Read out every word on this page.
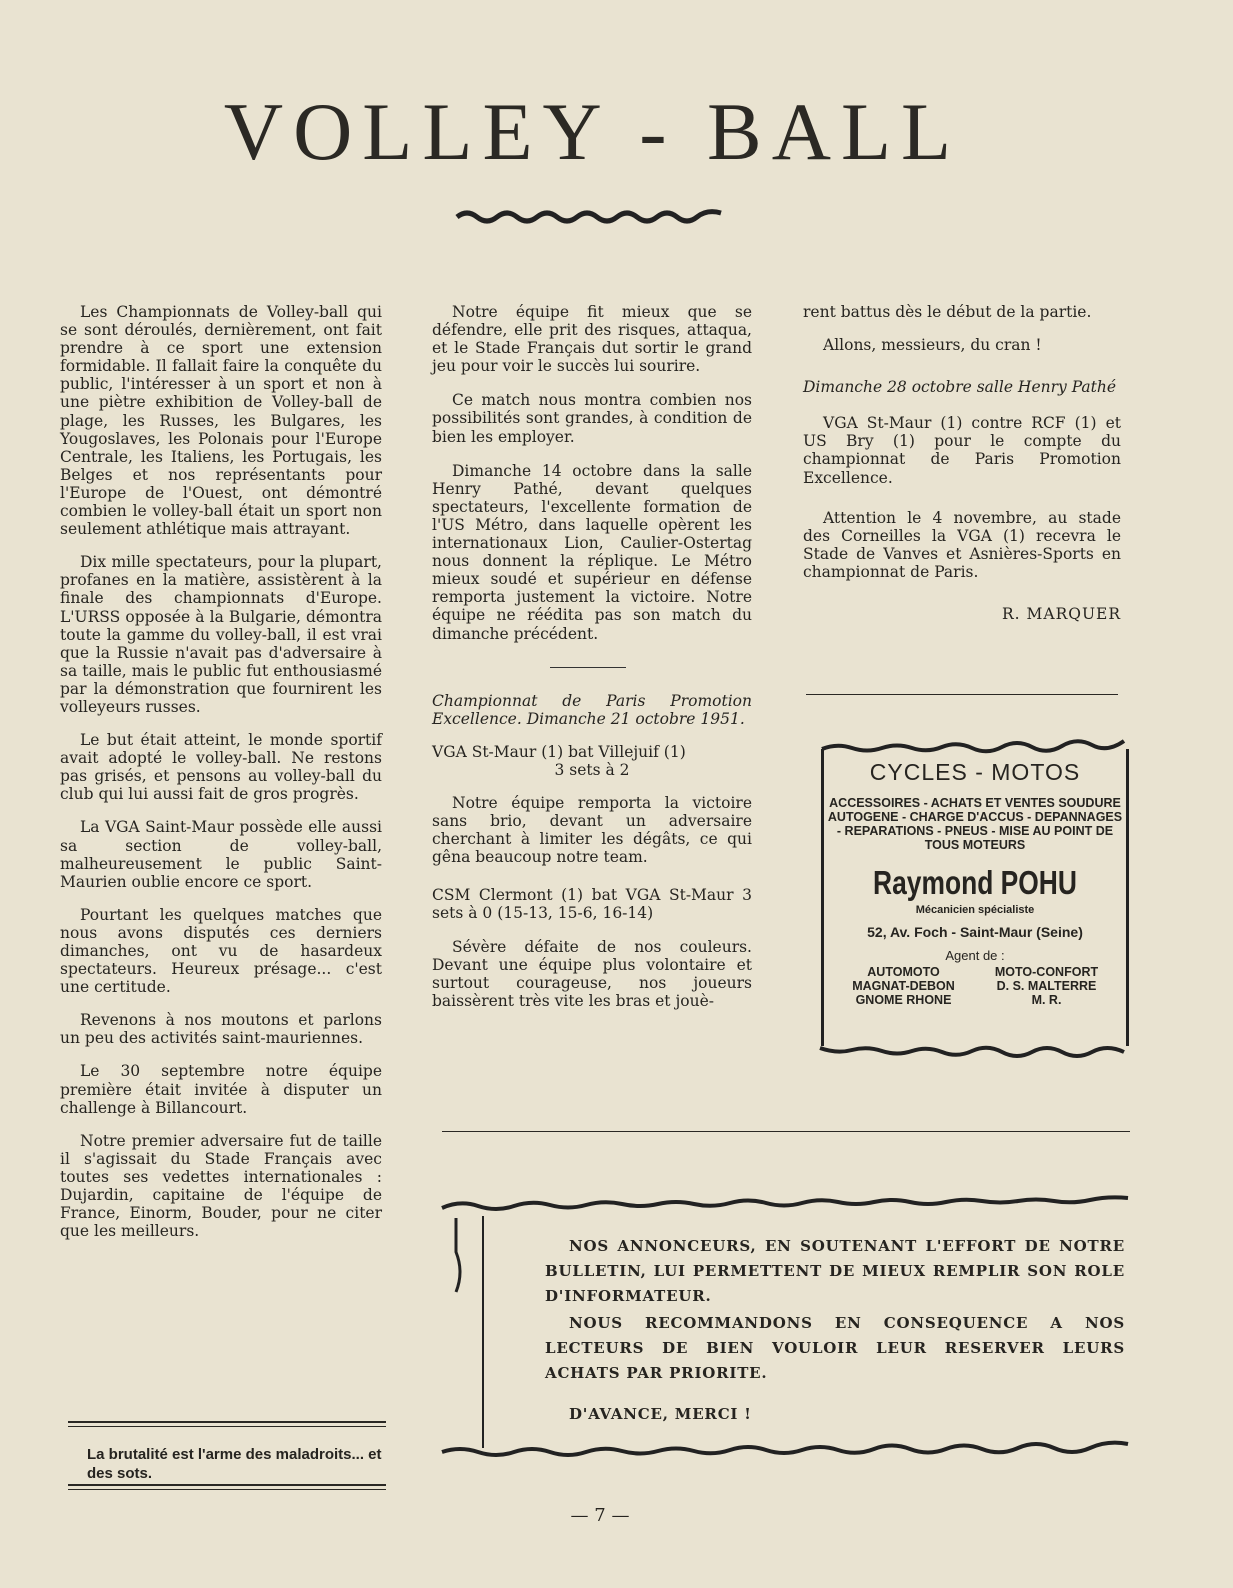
VOLLEY - BALL

Les Championnats de Volley-ball qui se sont déroulés, dernièrement, ont fait prendre à ce sport une extension formidable. Il fallait faire la conquête du public, l'intéresser à un sport et non à une piètre exhibition de Volley-ball de plage, les Russes, les Bulgares, les Yougoslaves, les Polonais pour l'Europe Centrale, les Italiens, les Portugais, les Belges et nos représentants pour l'Europe de l'Ouest, ont démontré combien le volley-ball était un sport non seulement athlétique mais attrayant.

Dix mille spectateurs, pour la plupart, profanes en la matière, assistèrent à la finale des championnats d'Europe. L'URSS opposée à la Bulgarie, démontra toute la gamme du volley-ball, il est vrai que la Russie n'avait pas d'adversaire à sa taille, mais le public fut enthousiasmé par la démonstration que fournirent les volleyeurs russes.

Le but était atteint, le monde sportif avait adopté le volley-ball. Ne restons pas grisés, et pensons au volley-ball du club qui lui aussi fait de gros progrès.

La VGA Saint-Maur possède elle aussi sa section de volley-ball, malheureusement le public Saint-Maurien oublie encore ce sport.

Pourtant les quelques matches que nous avons disputés ces derniers dimanches, ont vu de hasardeux spectateurs. Heureux présage... c'est une certitude.

Revenons à nos moutons et parlons un peu des activités saint-mauriennes.

Le 30 septembre notre équipe première était invitée à disputer un challenge à Billancourt.

Notre premier adversaire fut de taille il s'agissait du Stade Français avec toutes ses vedettes internationales : Dujardin, capitaine de l'équipe de France, Einorm, Bouder, pour ne citer que les meilleurs.

La brutalité est l'arme des maladroits... et des sots.

Notre équipe fit mieux que se défendre, elle prit des risques, attaqua, et le Stade Français dut sortir le grand jeu pour voir le succès lui sourire.

Ce match nous montra combien nos possibilités sont grandes, à condition de bien les employer.

Dimanche 14 octobre dans la salle Henry Pathé, devant quelques spectateurs, l'excellente formation de l'US Métro, dans laquelle opèrent les internationaux Lion, Caulier-Ostertag nous donnent la réplique. Le Métro mieux soudé et supérieur en défense remporta justement la victoire. Notre équipe ne réédita pas son match du dimanche précédent.

Championnat de Paris Promotion Excellence. Dimanche 21 octobre 1951.

VGA St-Maur (1) bat Villejuif (1)

3 sets à 2

Notre équipe remporta la victoire sans brio, devant un adversaire cherchant à limiter les dégâts, ce qui gêna beaucoup notre team.

CSM Clermont (1) bat VGA St-Maur 3 sets à 0 (15-13, 15-6, 16-14)

Sévère défaite de nos couleurs. Devant une équipe plus volontaire et surtout courageuse, nos joueurs baissèrent très vite les bras et jouè-

rent battus dès le début de la partie.

Allons, messieurs, du cran !

Dimanche 28 octobre salle Henry Pathé

VGA St-Maur (1) contre RCF (1) et US Bry (1) pour le compte du championnat de Paris Promotion Excellence.

Attention le 4 novembre, au stade des Corneilles la VGA (1) recevra le Stade de Vanves et Asnières-Sports en championnat de Paris.

R. MARQUER

CYCLES - MOTOS
ACCESSOIRES - ACHATS ET VENTES SOUDURE AUTOGENE - CHARGE D'ACCUS - DEPANNAGES - REPARATIONS - PNEUS - MISE AU POINT DE TOUS MOTEURS
Raymond POHU
Mécanicien spécialiste
52, Av. Foch - Saint-Maur (Seine)
Agent de :
AUTOMOTO	MOTO-CONFORT
MAGNAT-DEBON	D. S. MALTERRE
GNOME RHONE	M. R.

NOS ANNONCEURS, EN SOUTENANT L'EFFORT DE NOTRE BULLETIN, LUI PERMETTENT DE MIEUX REMPLIR SON ROLE D'INFORMATEUR.

NOUS RECOMMANDONS EN CONSEQUENCE A NOS LECTEURS DE BIEN VOULOIR LEUR RESERVER LEURS ACHATS PAR PRIORITE.

D'AVANCE, MERCI !

— 7 —
